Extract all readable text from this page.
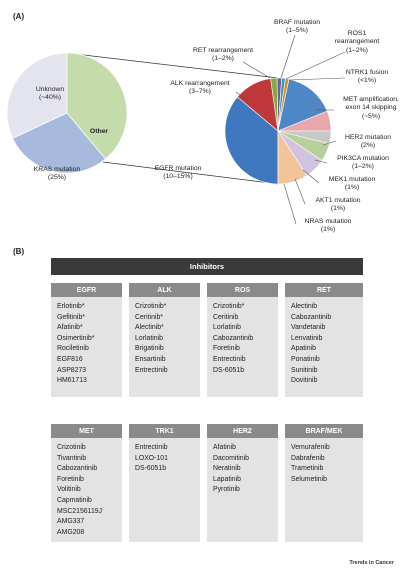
(A)
(B)
Unknown
(~40%)
Other
KRAS mutation
(25%)
EGFR mutation
(10–15%)
ALK rearrangement
(3–7%)
RET rearrangement
(1–2%)
BRAF mutation
(1–5%)	ROS1 rearrangement
(1–2%)
NTRK1 fusion
(<1%)
MET amplification, exon 14 skipping
(~5%)
HER2 mutation
(2%)
PIK3CA mutation
(1–2%)
MEK1 mutation
(1%)
AKT1 mutation
(1%)
NRAS mutation
(1%)
Inhibitors
EGFR
Erlotinib*
Gefitinib*
Afatinib*
Osimertinib*
Rociletinib
EGF816
ASP8273
HM61713
ALK
Crizotinib*
Ceritinib*
Alectinib*
Lorlatinib
Brigatinib
Ensartinib
Entrectinib
ROS
Crizotinib*
Ceritinib
Lorlatinib
Cabozantinib
Foretinib
Entrectinib
DS-6051b
RET
Alectinib
Cabozantinib
Vandetanib
Lenvatinib
Apatinib
Ponatinib
Sunitinib
Dovitinib
MET
Crizotinib
Tivantinib
Cabozantinib
Foretinib
Volitinib
Capmatinib
MSC2156119J
AMG337
AMG208
TRK1
Entrectinib
LOXO-101
DS-6051b
HER2
Afatinib
Dacomitinib
Neratinib
Lapatinib
Pyrotinib
BRAF/MEK
Vemurafenib
Dabrafenib
Trametinib
Selumetinib
Trends in Cancer
